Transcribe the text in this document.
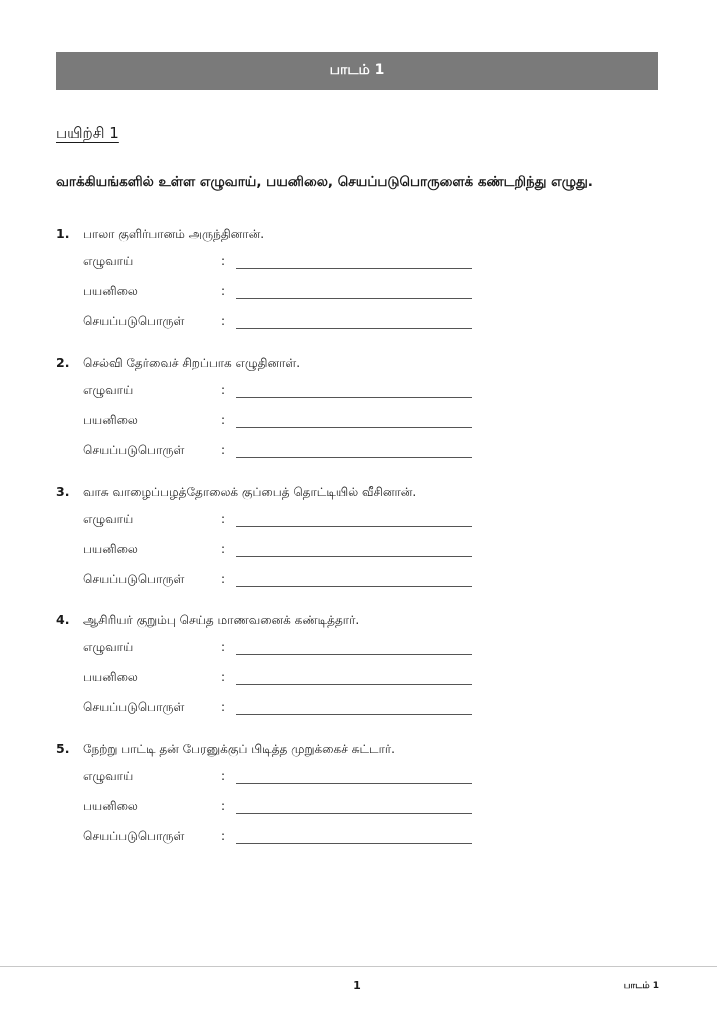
பாடம் 1
பயிற்சி 1
வாக்கியங்களில் உள்ள எழுவாய், பயனிலை, செயப்படுபொருளைக் கண்டறிந்து எழுது.
1.	பாலா குளிர்பானம் அருந்தினான்.
எழுவாய்	:
பயனிலை	:
செயப்படுபொருள்	:
2.	செல்வி தேர்வைச் சிறப்பாக எழுதினாள்.
எழுவாய்	:
பயனிலை	:
செயப்படுபொருள்	:
3.	வாசு வாழைப்பழத்தோலைக் குப்பைத் தொட்டியில் வீசினான்.
எழுவாய்	:
பயனிலை	:
செயப்படுபொருள்	:
4.	ஆசிரியர் குறும்பு செய்த மாணவனைக் கண்டித்தார்.
எழுவாய்	:
பயனிலை	:
செயப்படுபொருள்	:
5.	நேற்று பாட்டி தன் பேரனுக்குப் பிடித்த முறுக்கைச் சுட்டார்.
எழுவாய்	:
பயனிலை	:
செயப்படுபொருள்	:
1	பாடம் 1
